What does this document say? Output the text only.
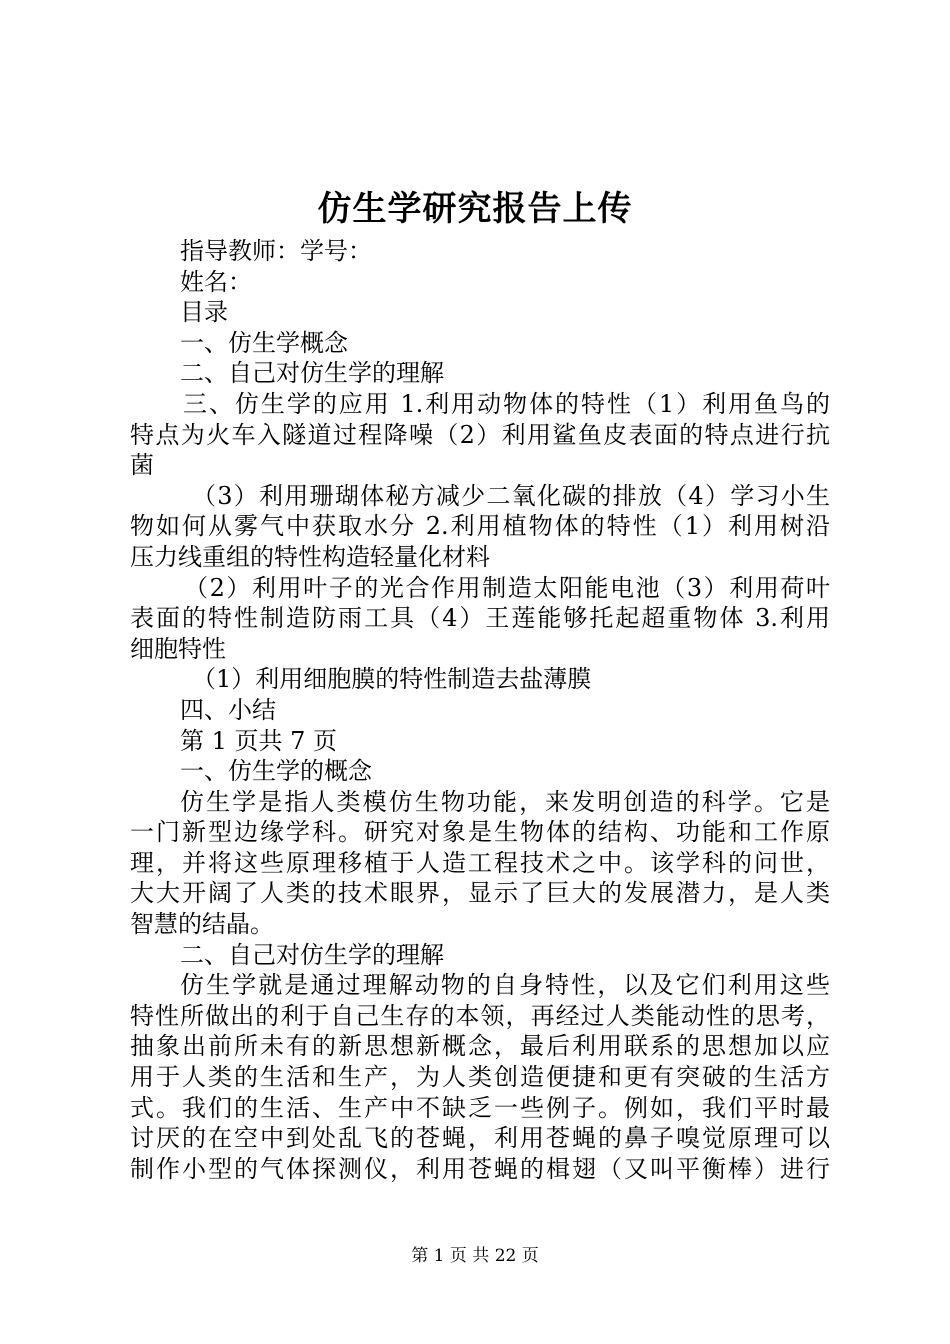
仿生学研究报告上传
指导教师：学号：
姓名：
目录
一、仿生学概念
二、自己对仿生学的理解
三、仿生学的应用 1.利用动物体的特性（1）利用鱼鸟的
特点为火车入隧道过程降噪（2）利用鲨鱼皮表面的特点进行抗
菌
（3）利用珊瑚体秘方减少二氧化碳的排放（4）学习小生
物如何从雾气中获取水分 2.利用植物体的特性（1）利用树沿
压力线重组的特性构造轻量化材料
（2）利用叶子的光合作用制造太阳能电池（3）利用荷叶
表面的特性制造防雨工具（4）王莲能够托起超重物体 3.利用
细胞特性
（1）利用细胞膜的特性制造去盐薄膜
四、小结
第 1 页共 7 页
一、仿生学的概念
仿生学是指人类模仿生物功能，来发明创造的科学。它是
一门新型边缘学科。研究对象是生物体的结构、功能和工作原
理，并将这些原理移植于人造工程技术之中。该学科的问世，
大大开阔了人类的技术眼界，显示了巨大的发展潜力，是人类
智慧的结晶。
二、自己对仿生学的理解
仿生学就是通过理解动物的自身特性，以及它们利用这些
特性所做出的利于自己生存的本领，再经过人类能动性的思考，
抽象出前所未有的新思想新概念，最后利用联系的思想加以应
用于人类的生活和生产，为人类创造便捷和更有突破的生活方
式。我们的生活、生产中不缺乏一些例子。例如，我们平时最
讨厌的在空中到处乱飞的苍蝇，利用苍蝇的鼻子嗅觉原理可以
制作小型的气体探测仪，利用苍蝇的楫翅（又叫平衡棒）进行
第 1 页 共 22 页
